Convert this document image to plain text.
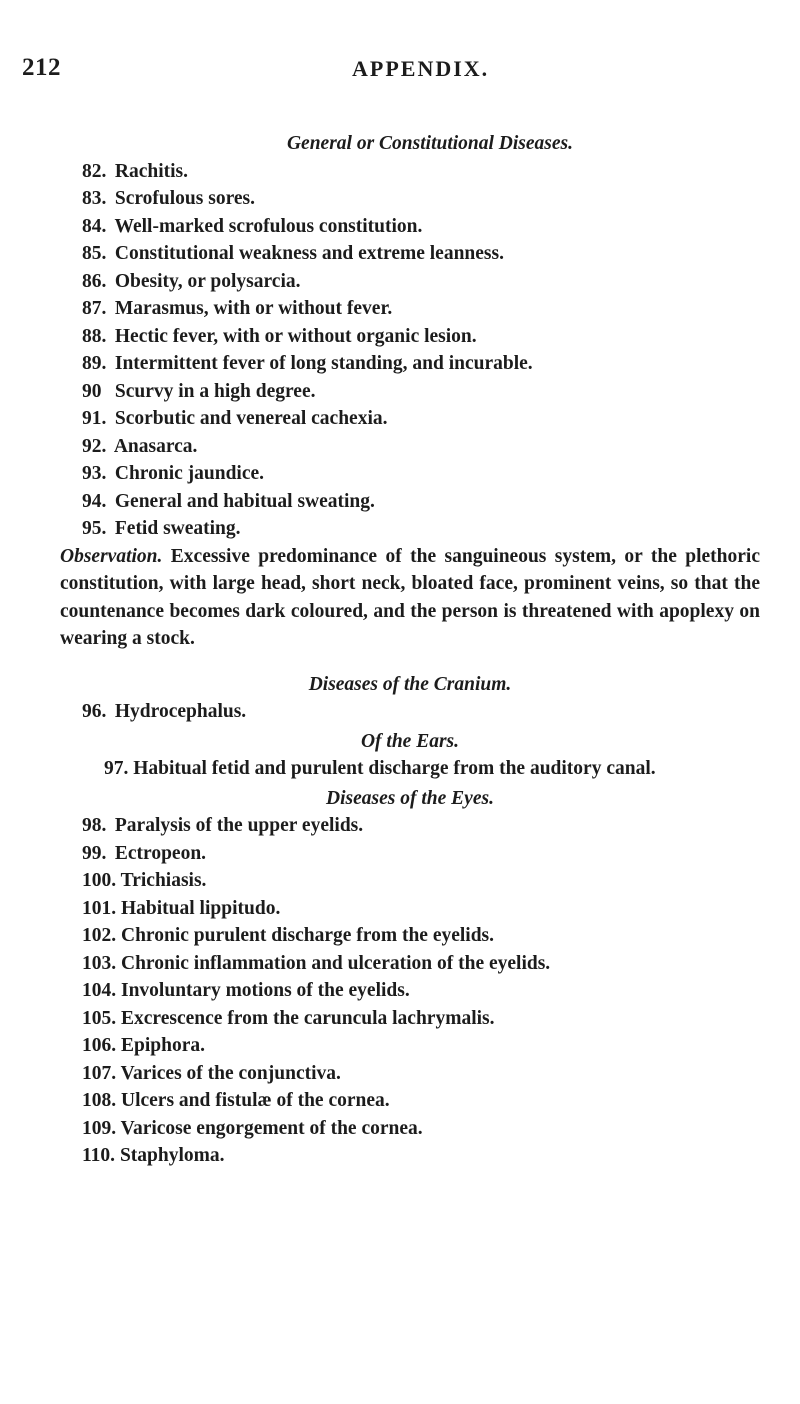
212	APPENDIX.

General or Constitutional Diseases.

82. Rachitis.

83. Scrofulous sores.

84. Well-marked scrofulous constitution.

85. Constitutional weakness and extreme leanness.

86. Obesity, or polysarcia.

87. Marasmus, with or without fever.

88. Hectic fever, with or without organic lesion.

89. Intermittent fever of long standing, and incurable.

90 Scurvy in a high degree.

91. Scorbutic and venereal cachexia.

92. Anasarca.

93. Chronic jaundice.

94. General and habitual sweating.

95. Fetid sweating.

Observation. Excessive predominance of the sanguineous system, or the plethoric constitution, with large head, short neck, bloated face, prominent veins, so that the countenance becomes dark coloured, and the person is threatened with apoplexy on wearing a stock.

Diseases of the Cranium.

96. Hydrocephalus.

Of the Ears.

97. Habitual fetid and purulent discharge from the auditory canal.

Diseases of the Eyes.

98. Paralysis of the upper eyelids.

99. Ectropeon.

100. Trichiasis.

101. Habitual lippitudo.

102. Chronic purulent discharge from the eyelids.

103. Chronic inflammation and ulceration of the eyelids.

104. Involuntary motions of the eyelids.

105. Excrescence from the caruncula lachrymalis.

106. Epiphora.

107. Varices of the conjunctiva.

108. Ulcers and fistulæ of the cornea.

109. Varicose engorgement of the cornea.

110. Staphyloma.
